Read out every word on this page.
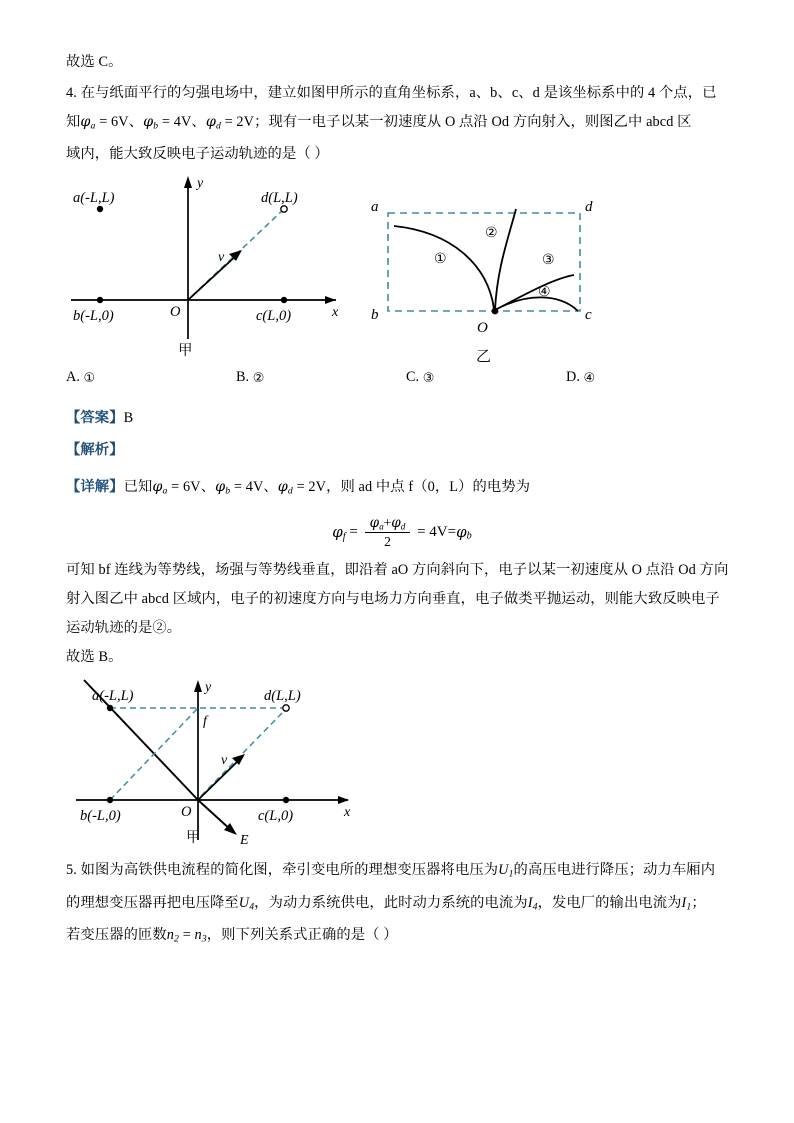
故选 C。
4. 在与纸面平行的匀强电场中，建立如图甲所示的直角坐标系，a、b、c、d 是该坐标系中的 4 个点，已
知$\varphi_a = 6V$、$\varphi_b = 4V$、$\varphi_d = 2V$；现有一电子以某一初速度从 O 点沿 Od 方向射入，则图乙中 abcd 区
域内，能大致反映电子运动轨迹的是（ ）
a(-L,L)
b(-L,0)	c(L,0)
d(L,L)
O
y
x
v
甲
a
b	c
d
O
①
②
③
④
乙
A. ①	B. ②	C. ③	D. ④
【答案】B
【解析】
【详解】已知$\varphi_a = 6V$、$\varphi_b = 4V$、$\varphi_d = 2V$，则 ad 中点 f（0，L）的电势为
$\varphi_f = \frac{\varphi_a+\varphi_d}{2} = 4V=\varphi_b$
可知 bf 连线为等势线，场强与等势线垂直，即沿着 aO 方向斜向下，电子以某一初速度从 O 点沿 Od 方向
射入图乙中 abcd 区域内，电子的初速度方向与电场力方向垂直，电子做类平抛运动，则能大致反映电子
运动轨迹的是②。
故选 B。
a(-L,L)
b(-L,0)	c(L,0)
d(L,L)
O
y
x
f
v
E
甲
5. 如图为高铁供电流程的简化图，牵引变电所的理想变压器将电压为$U_1$的高压电进行降压；动力车厢内
的理想变压器再把电压降至$U_4$，为动力系统供电，此时动力系统的电流为$I_4$，发电厂的输出电流为$I_1$；
若变压器的匝数$n_2 = n_3$，则下列关系式正确的是（ ）
